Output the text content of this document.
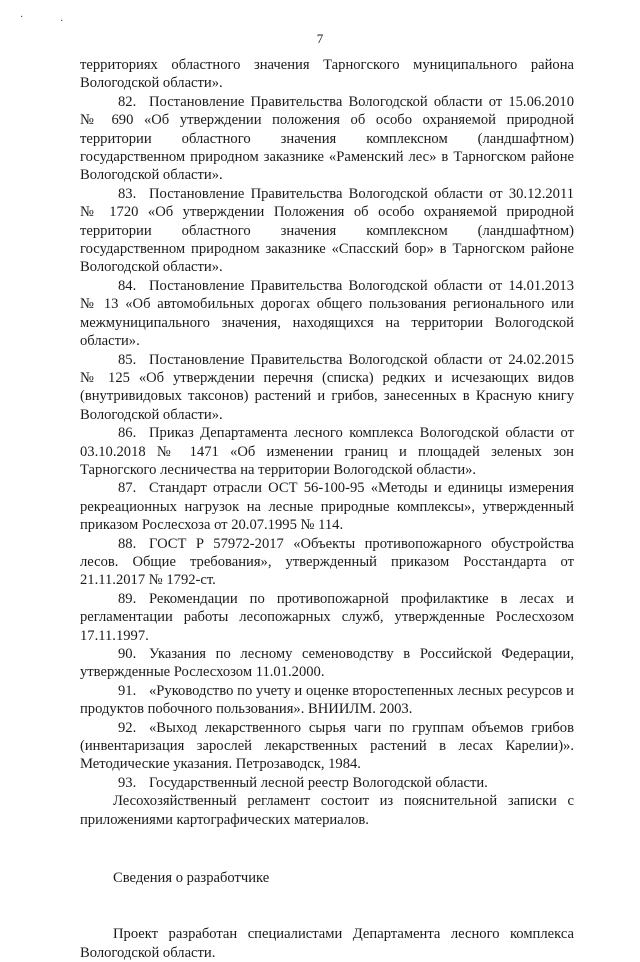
·	·
7

территориях областного значения Тарногского муниципального района Вологодской области».

82. Постановление Правительства Вологодской области от 15.06.2010 № 690 «Об утверждении положения об особо охраняемой природной территории областного значения комплексном (ландшафтном) государственном природном заказнике «Раменский лес» в Тарногском районе Вологодской области».

83. Постановление Правительства Вологодской области от 30.12.2011 № 1720 «Об утверждении Положения об особо охраняемой природной территории областного значения комплексном (ландшафтном) государственном природном заказнике «Спасский бор» в Тарногском районе Вологодской области».

84. Постановление Правительства Вологодской области от 14.01.2013 № 13 «Об автомобильных дорогах общего пользования регионального или межмуниципального значения, находящихся на территории Вологодской области».

85. Постановление Правительства Вологодской области от 24.02.2015 № 125 «Об утверждении перечня (списка) редких и исчезающих видов (внутривидовых таксонов) растений и грибов, занесенных в Красную книгу Вологодской области».

86. Приказ Департамента лесного комплекса Вологодской области от 03.10.2018 № 1471 «Об изменении границ и площадей зеленых зон Тарногского лесничества на территории Вологодской области».

87. Стандарт отрасли ОСТ 56-100-95 «Методы и единицы измерения рекреационных нагрузок на лесные природные комплексы», утвержденный приказом Рослесхоза от 20.07.1995 № 114.

88. ГОСТ Р 57972-2017 «Объекты противопожарного обустройства лесов. Общие требования», утвержденный приказом Росстандарта от 21.11.2017 № 1792-ст.

89. Рекомендации по противопожарной профилактике в лесах и регламентации работы лесопожарных служб, утвержденные Рослесхозом 17.11.1997.

90. Указания по лесному семеноводству в Российской Федерации, утвержденные Рослесхозом 11.01.2000.

91. «Руководство по учету и оценке второстепенных лесных ресурсов и продуктов побочного пользования». ВНИИЛМ. 2003.

92. «Выход лекарственного сырья чаги по группам объемов грибов (инвентаризация зарослей лекарственных растений в лесах Карелии)». Методические указания. Петрозаводск, 1984.

93. Государственный лесной реестр Вологодской области.

Лесохозяйственный регламент состоит из пояснительной записки с приложениями картографических материалов.

Сведения о разработчике

Проект разработан специалистами Департамента лесного комплекса Вологодской области.
